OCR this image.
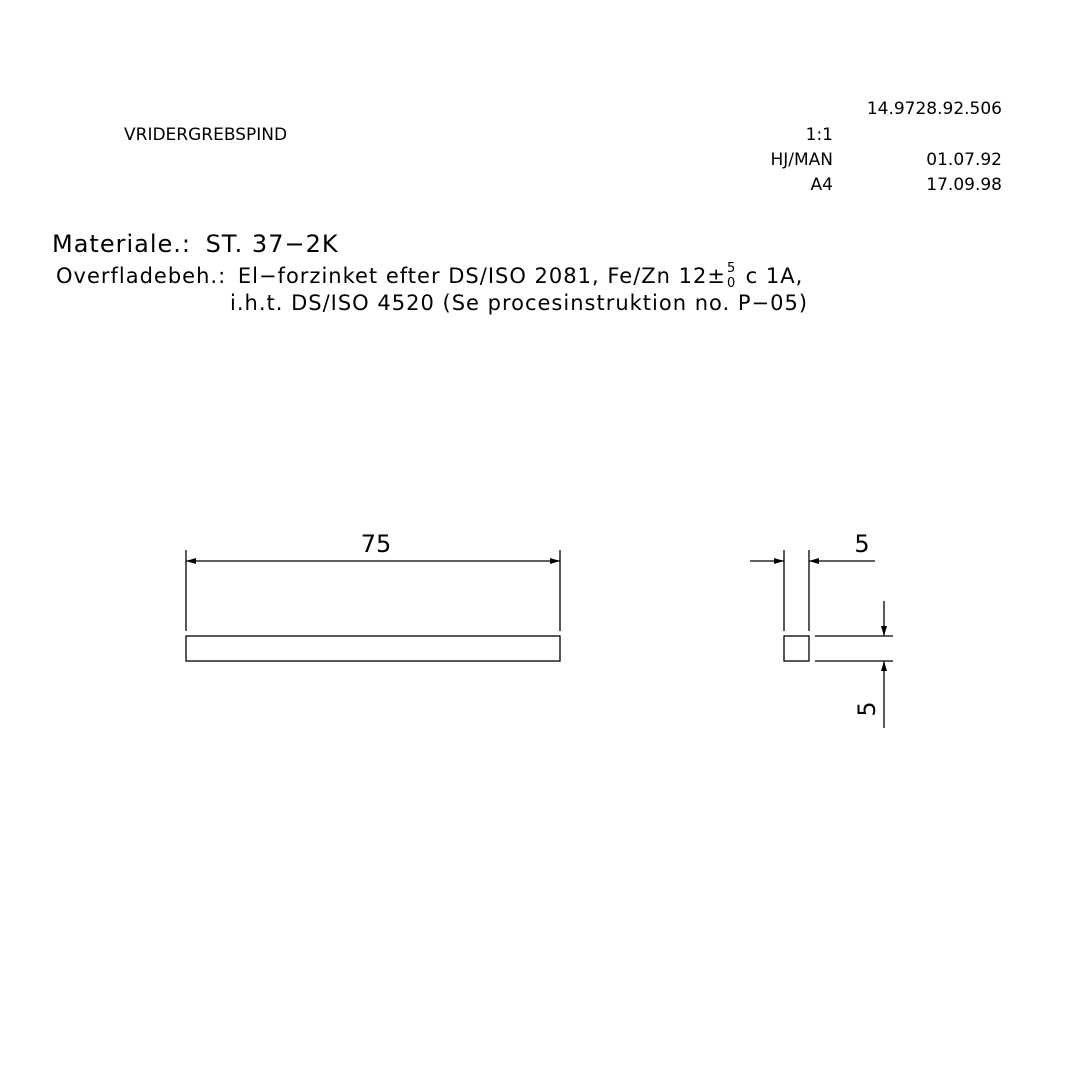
14.9728.92.506
VRIDERGREBSPIND	1:1
HJ/MAN	01.07.92
A4	17.09.98
Materiale.: ST. 37−2K
Overfladebeh.: El−forzinket efter DS/ISO 2081, Fe/Zn 12± 5
0 c 1A,
i.h.t. DS/ISO 4520 (Se procesinstruktion no. P−05)
75	5
5
